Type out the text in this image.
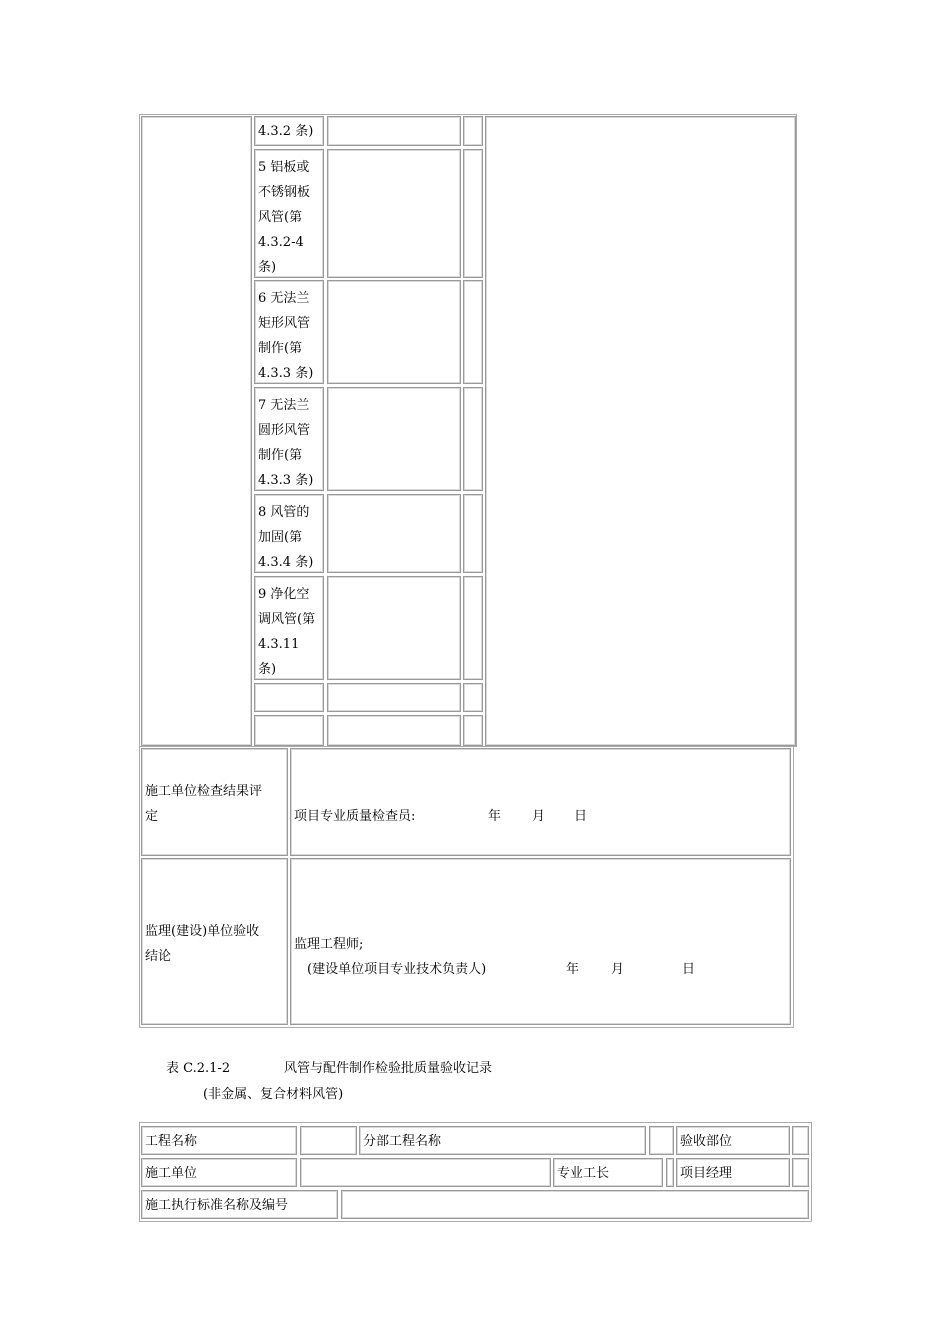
4.3.2 条)
5 铝板或
不锈钢板
风管(第
4.3.2-4
条)
6 无法兰
矩形风管
制作(第
4.3.3 条)
7 无法兰
圆形风管
制作(第
4.3.3 条)
8 风管的
加固(第
4.3.4 条)
9 净化空
调风管(第
4.3.11
条)
施工单位检查结果评
定	项目专业质量检查员:	年 月 日
监理(建设)单位验收
结论
监理工程师;
(建设单位项目专业技术负责人)	年 月	日
表 C.2.1-2	风管与配件制作检验批质量验收记录
(非金属、复合材料风管)
工程名称	分部工程名称	验收部位
施工单位	专业工长	项目经理
施工执行标准名称及编号
